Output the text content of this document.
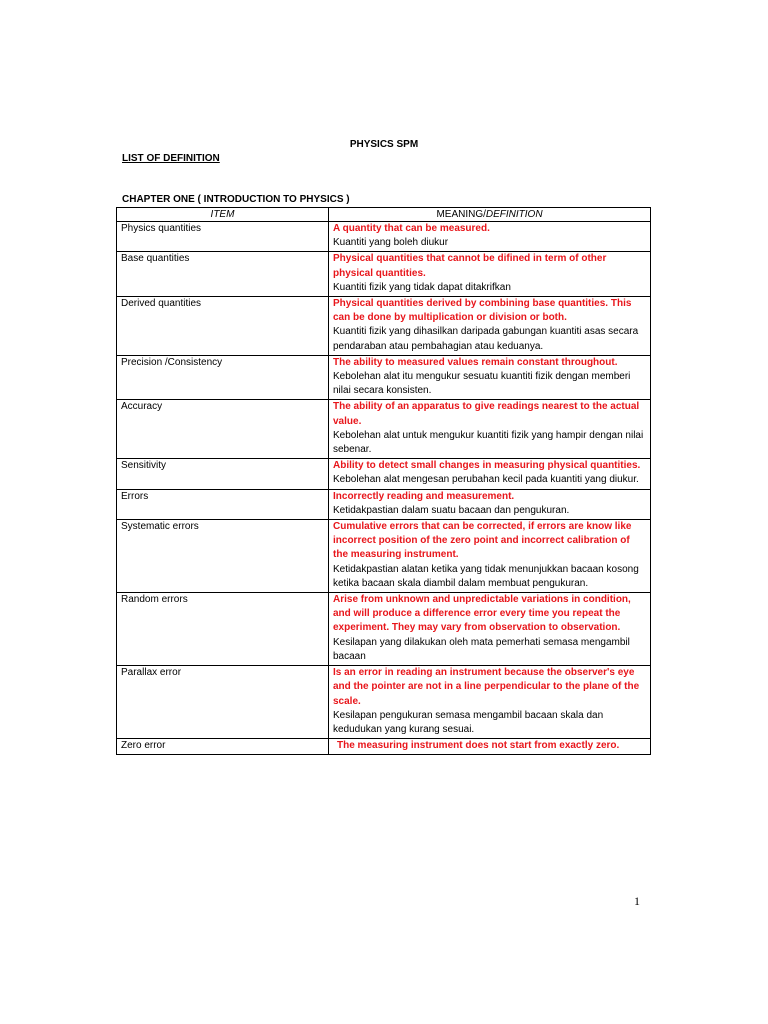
PHYSICS SPM
LIST OF DEFINITION
CHAPTER ONE ( INTRODUCTION TO PHYSICS )
ITEM	MEANING/DEFINITION
Physics quantities	A quantity that can be measured.
Kuantiti yang boleh diukur

Base quantities	Physical quantities that cannot be difined in term of other physical quantities.
Kuantiti fizik yang tidak dapat ditakrifkan

Derived quantities	Physical quantities derived by combining base quantities. This can be done by multiplication or division or both.
Kuantiti fizik yang dihasilkan daripada gabungan kuantiti asas secara pendaraban atau pembahagian atau keduanya.

Precision /Consistency	The ability to measured values remain constant throughout.
Kebolehan alat itu mengukur sesuatu kuantiti fizik dengan memberi nilai secara konsisten.

Accuracy	The ability of an apparatus to give readings nearest to the actual value.
Kebolehan alat untuk mengukur kuantiti fizik yang hampir dengan nilai sebenar.

Sensitivity	Ability to detect small changes in measuring physical quantities.
Kebolehan alat mengesan perubahan kecil pada kuantiti yang diukur.

Errors	Incorrectly reading and measurement.
Ketidakpastian dalam suatu bacaan dan pengukuran.

Systematic errors	Cumulative errors that can be corrected, if errors are know like incorrect position of the zero point and incorrect calibration of the measuring instrument.
Ketidakpastian alatan ketika yang tidak menunjukkan bacaan kosong ketika bacaan skala diambil dalam membuat pengukuran.

Random errors	Arise from unknown and unpredictable variations in condition, and will produce a difference error every time you repeat the experiment. They may vary from observation to observation.
Kesilapan yang dilakukan oleh mata pemerhati semasa mengambil bacaan

Parallax error	Is an error in reading an instrument because the observer's eye and the pointer are not in a line perpendicular to the plane of the scale.
Kesilapan pengukuran semasa mengambil bacaan skala dan kedudukan yang kurang sesuai.

Zero error	The measuring instrument does not start from exactly zero.
1
